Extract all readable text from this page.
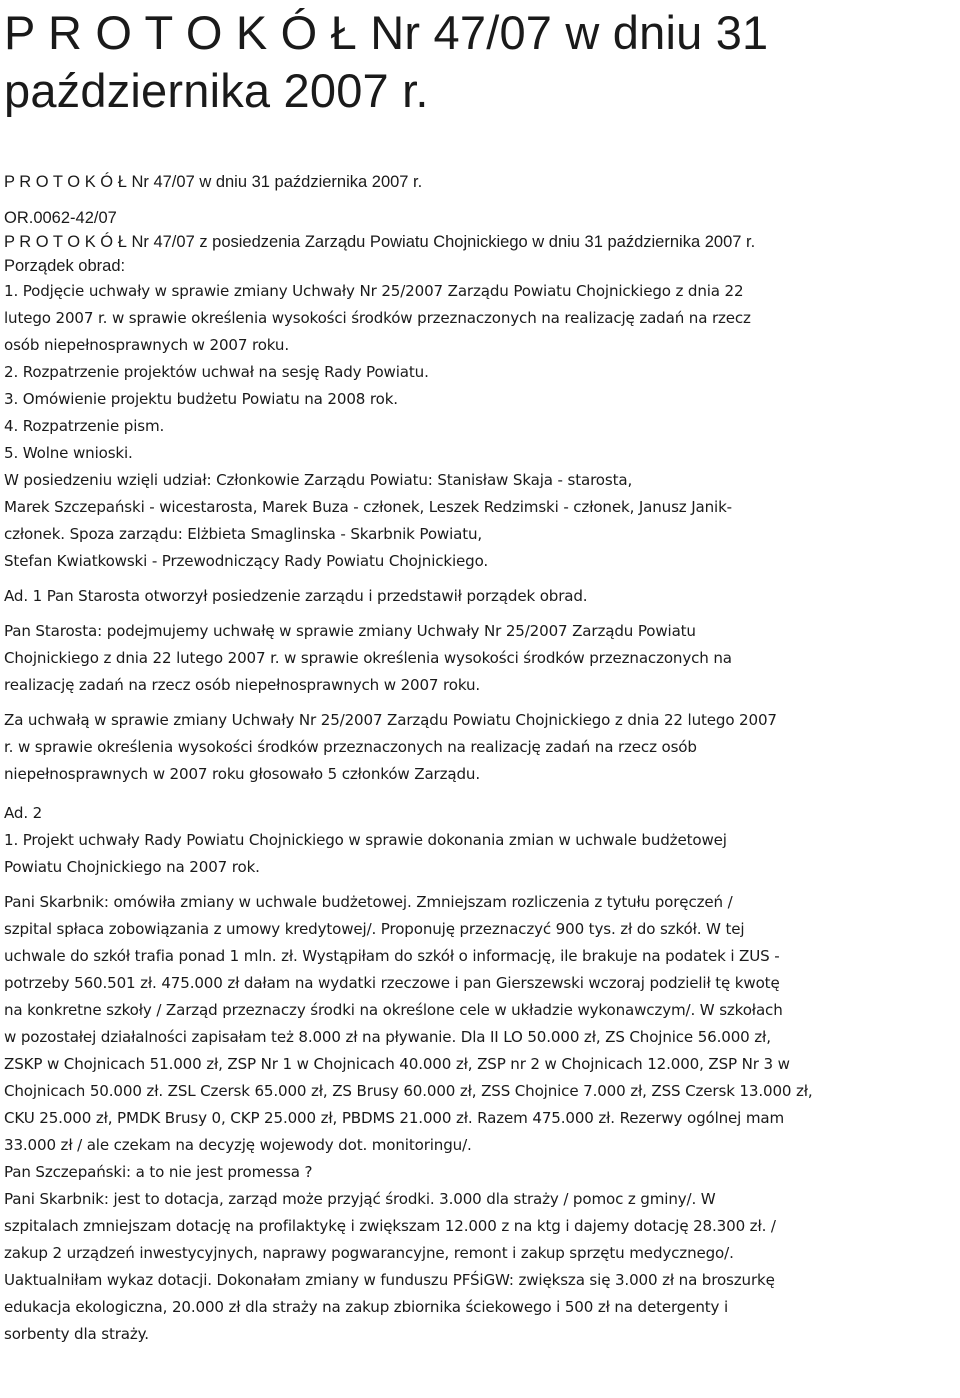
P R O T O K Ó Ł Nr 47/07 w dniu 31
października 2007 r.
P R O T O K Ó Ł Nr 47/07 w dniu 31 października 2007 r.
OR.0062-42/07
P R O T O K Ó Ł Nr 47/07 z posiedzenia Zarządu Powiatu Chojnickiego w dniu 31 października 2007 r.
Porządek obrad:
1. Podjęcie uchwały w sprawie zmiany Uchwały Nr 25/2007 Zarządu Powiatu Chojnickiego z dnia 22
lutego 2007 r. w sprawie określenia wysokości środków przeznaczonych na realizację zadań na rzecz
osób niepełnosprawnych w 2007 roku.
2. Rozpatrzenie projektów uchwał na sesję Rady Powiatu.
3. Omówienie projektu budżetu Powiatu na 2008 rok.
4. Rozpatrzenie pism.
5. Wolne wnioski.
W posiedzeniu wzięli udział: Członkowie Zarządu Powiatu: Stanisław Skaja - starosta,
Marek Szczepański - wicestarosta, Marek Buza - członek, Leszek Redzimski - członek, Janusz Janik-
członek. Spoza zarządu: Elżbieta Smaglinska - Skarbnik Powiatu,
Stefan Kwiatkowski - Przewodniczący Rady Powiatu Chojnickiego.
Ad. 1 Pan Starosta otworzył posiedzenie zarządu i przedstawił porządek obrad.
Pan Starosta: podejmujemy uchwałę w sprawie zmiany Uchwały Nr 25/2007 Zarządu Powiatu
Chojnickiego z dnia 22 lutego 2007 r. w sprawie określenia wysokości środków przeznaczonych na
realizację zadań na rzecz osób niepełnosprawnych w 2007 roku.
Za uchwałą w sprawie zmiany Uchwały Nr 25/2007 Zarządu Powiatu Chojnickiego z dnia 22 lutego 2007
r. w sprawie określenia wysokości środków przeznaczonych na realizację zadań na rzecz osób
niepełnosprawnych w 2007 roku głosowało 5 członków Zarządu.
Ad. 2
1. Projekt uchwały Rady Powiatu Chojnickiego w sprawie dokonania zmian w uchwale budżetowej
Powiatu Chojnickiego na 2007 rok.
Pani Skarbnik: omówiła zmiany w uchwale budżetowej. Zmniejszam rozliczenia z tytułu poręczeń /
szpital spłaca zobowiązania z umowy kredytowej/. Proponuję przeznaczyć 900 tys. zł do szkół. W tej
uchwale do szkół trafia ponad 1 mln. zł. Wystąpiłam do szkół o informację, ile brakuje na podatek i ZUS -
potrzeby 560.501 zł. 475.000 zł dałam na wydatki rzeczowe i pan Gierszewski wczoraj podzielił tę kwotę
na konkretne szkoły / Zarząd przeznaczy środki na określone cele w układzie wykonawczym/. W szkołach
w pozostałej działalności zapisałam też 8.000 zł na pływanie. Dla II LO 50.000 zł, ZS Chojnice 56.000 zł,
ZSKP w Chojnicach 51.000 zł, ZSP Nr 1 w Chojnicach 40.000 zł, ZSP nr 2 w Chojnicach 12.000, ZSP Nr 3 w
Chojnicach 50.000 zł. ZSL Czersk 65.000 zł, ZS Brusy 60.000 zł, ZSS Chojnice 7.000 zł, ZSS Czersk 13.000 zł,
CKU 25.000 zł, PMDK Brusy 0, CKP 25.000 zł, PBDMS 21.000 zł. Razem 475.000 zł. Rezerwy ogólnej mam
33.000 zł / ale czekam na decyzję wojewody dot. monitoringu/.
Pan Szczepański: a to nie jest promessa ?
Pani Skarbnik: jest to dotacja, zarząd może przyjąć środki. 3.000 dla straży / pomoc z gminy/. W
szpitalach zmniejszam dotację na profilaktykę i zwiększam 12.000 z na ktg i dajemy dotację 28.300 zł. /
zakup 2 urządzeń inwestycyjnych, naprawy pogwarancyjne, remont i zakup sprzętu medycznego/.
Uaktualniłam wykaz dotacji. Dokonałam zmiany w funduszu PFŚiGW: zwiększa się 3.000 zł na broszurkę
edukacja ekologiczna, 20.000 zł dla straży na zakup zbiornika ściekowego i 500 zł na detergenty i
sorbenty dla straży.
